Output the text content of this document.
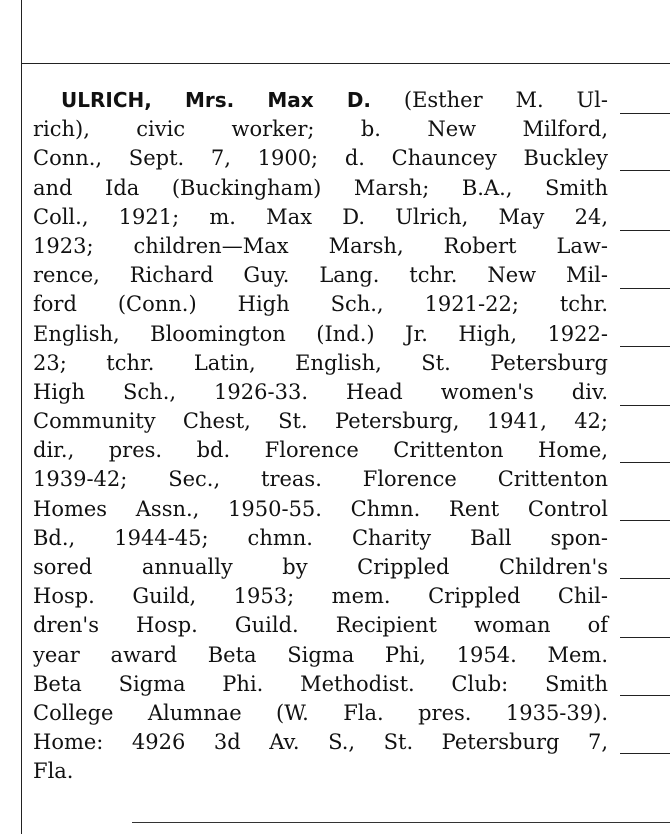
ULRICH, Mrs. Max D. (Esther M. Ul-
rich), civic worker; b. New Milford,
Conn., Sept. 7, 1900; d. Chauncey Buckley
and Ida (Buckingham) Marsh; B.A., Smith
Coll., 1921; m. Max D. Ulrich, May 24,
1923; children—Max Marsh, Robert Law-
rence, Richard Guy. Lang. tchr. New Mil-
ford (Conn.) High Sch., 1921-22; tchr.
English, Bloomington (Ind.) Jr. High, 1922-
23; tchr. Latin, English, St. Petersburg
High Sch., 1926-33. Head women's div.
Community Chest, St. Petersburg, 1941, 42;
dir., pres. bd. Florence Crittenton Home,
1939-42; Sec., treas. Florence Crittenton
Homes Assn., 1950-55. Chmn. Rent Control
Bd., 1944-45; chmn. Charity Ball spon-
sored annually by Crippled Children's
Hosp. Guild, 1953; mem. Crippled Chil-
dren's Hosp. Guild. Recipient woman of
year award Beta Sigma Phi, 1954. Mem.
Beta Sigma Phi. Methodist. Club: Smith
College Alumnae (W. Fla. pres. 1935-39).
Home: 4926 3d Av. S., St. Petersburg 7,
Fla.
